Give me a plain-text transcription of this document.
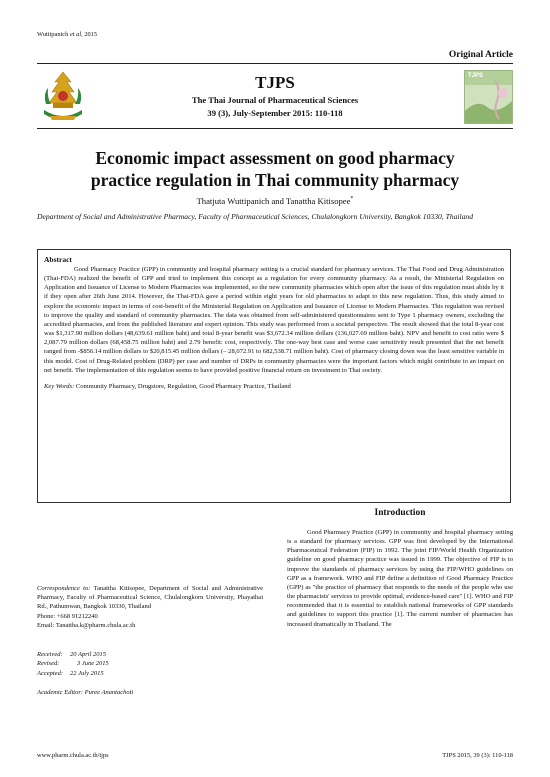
Wuttipanich et al, 2015
Original Article
TJPS
TJPS
The Thai Journal of Pharmaceutical Sciences
39 (3), July-September 2015: 110-118
Economic impact assessment on good pharmacy
practice regulation in Thai community pharmacy
Thatjuta Wuttipanich and Tanattha Kitisopee*
Department of Social and Administrative Pharmacy, Faculty of Pharmaceutical Sciences, Chulalongkorn University, Bangkok 10330, Thailand
Abstract

Good Pharmacy Practice (GPP) in community and hospital pharmacy setting is a crucial standard for pharmacy services. The Thai Food and Drug Administration (Thai-FDA) realized the benefit of GPP and tried to implement this concept as a regulation for every community pharmacy. As a result, the Ministerial Regulation on Application and Issuance of License to Modern Pharmacies was implemented, so the new community pharmacies which open after the issue of this regulation must abide by it if they open after 26th June 2014. However, the Thai-FDA gave a period within eight years for old pharmacies to adapt to this new regulation. Thus, this study aimed to explore the economic impact in terms of cost-benefit of the Ministerial Regulation on Application and Issuance of License to Modern Pharmacies. This regulation was revised to improve the quality and standard of community pharmacies. The data was obtained from self-administered questionnaires sent to Type 1 pharmacy owners, excluding the accredited pharmacies, and from the published literature and expert opinion. This study was performed from a societal perspective. The result showed that the total 8-year cost was $1,317.90 million dollars (48,639.61 million baht) and total 8-year benefit was $3,672.34 million dollars (136,027.69 million baht). NPV and benefit to cost ratio were $ 2,087.79 million dollars (68,458.75 million baht) and 2.79 benefit: cost, respectively. The one-way best case and worse case sensitivity result presented that the net benefit ranged from -$856.14 million dollars to $20,815.45 million dollars (– 28,072.91 to 682,538.71 million baht). Cost of pharmacy closing down was the least sensitive variable in this model. Cost of Drug-Related problem (DRP) per case and number of DRPs in community pharmacies were the important factors which might contribute to an impact on net benefit. The implementation of this regulation seems to have provided positive financial return on investment to Thai society.

Key Words: Community Pharmacy, Drugstore, Regulation, Good Pharmacy Practice, Thailand

Correspondence to: Tanattha Kitisopee, Department of Social and Administrative Pharmacy, Faculty of Pharmaceutical Science, Chulalongkorn University, Phayathai Rd., Pathumwan, Bangkok 10330, Thailand
Phone: +668 91212240
Email: Tanattha.k@pharm.chula.ac.th
Received:	20 April 2015
Revised:	3 June 2015
Accepted:	22 July 2015
Academic Editor: Puree Anantachoti
Introduction

Good Pharmacy Practice (GPP) in community and hospital pharmacy setting is a standard for pharmacy services. GPP was first developed by the International Pharmaceutical Federation (FIP) in 1992. The joint FIP/World Health Organization guideline on good pharmacy practice was issued in 1999. The objective of FIP is to improve the standards of pharmacy services by using the FIP/WHO guidelines on GPP as a framework. WHO and FIP define a definition of Good Pharmacy Practice (GPP) as "the practice of pharmacy that responds to the needs of the people who use the pharmacists' services to provide optimal, evidence-based care" [1]. WHO and FIP recommended that it is essential to establish national frameworks of GPP standards and guidelines to support this practice [1]. The current number of pharmacies has increased dramatically in Thailand. The

www.pharm.chula.ac.th/tjps	TJPS 2015, 39 (3): 110-118
